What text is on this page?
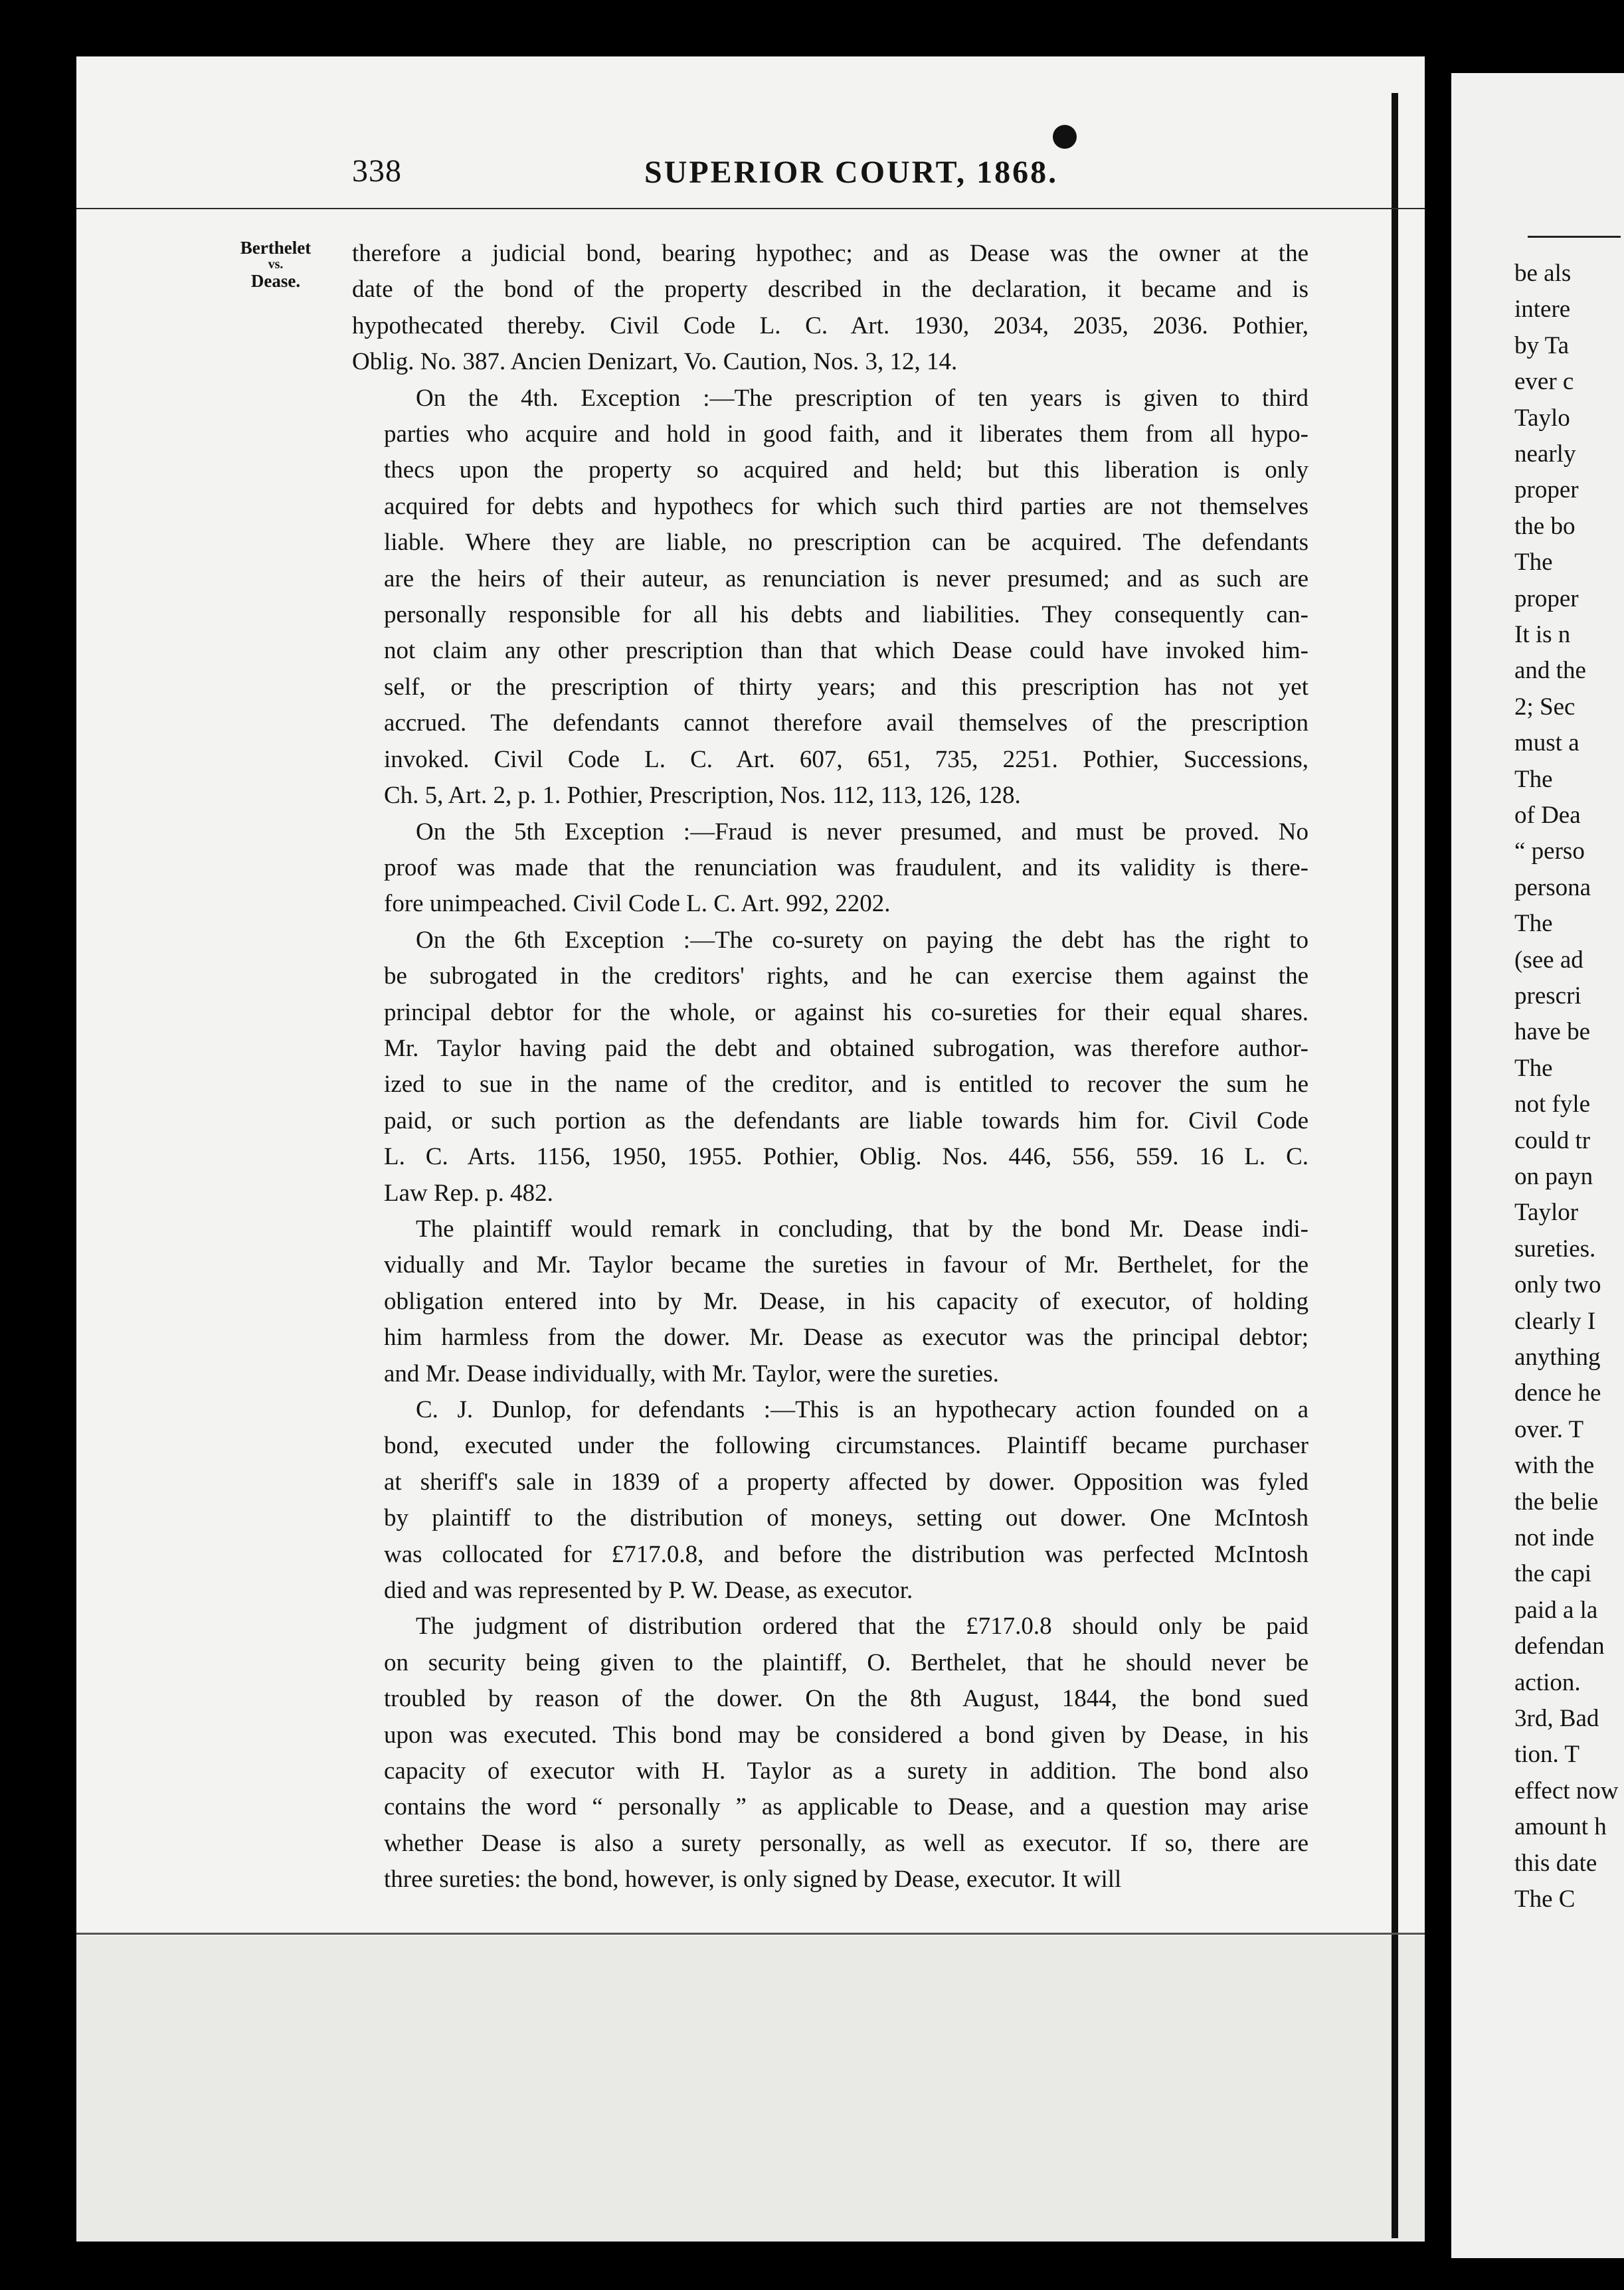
338	SUPERIOR COURT, 1868.
Berthelet
vs.
Dease.

therefore a judicial bond, bearing hypothec; and as Dease was the owner at the
date of the bond of the property described in the declaration, it became and is
hypothecated thereby. Civil Code L. C. Art. 1930, 2034, 2035, 2036. Pothier,
Oblig. No. 387. Ancien Denizart, Vo. Caution, Nos. 3, 12, 14.

On the 4th. Exception :—The prescription of ten years is given to third
parties who acquire and hold in good faith, and it liberates them from all hypo-
thecs upon the property so acquired and held; but this liberation is only
acquired for debts and hypothecs for which such third parties are not themselves
liable. Where they are liable, no prescription can be acquired. The defendants
are the heirs of their auteur, as renunciation is never presumed; and as such are
personally responsible for all his debts and liabilities. They consequently can-
not claim any other prescription than that which Dease could have invoked him-
self, or the prescription of thirty years; and this prescription has not yet
accrued. The defendants cannot therefore avail themselves of the prescription
invoked. Civil Code L. C. Art. 607, 651, 735, 2251. Pothier, Successions,
Ch. 5, Art. 2, p. 1. Pothier, Prescription, Nos. 112, 113, 126, 128.

On the 5th Exception :—Fraud is never presumed, and must be proved. No
proof was made that the renunciation was fraudulent, and its validity is there-
fore unimpeached. Civil Code L. C. Art. 992, 2202.

On the 6th Exception :—The co-surety on paying the debt has the right to
be subrogated in the creditors' rights, and he can exercise them against the
principal debtor for the whole, or against his co-sureties for their equal shares.
Mr. Taylor having paid the debt and obtained subrogation, was therefore author-
ized to sue in the name of the creditor, and is entitled to recover the sum he
paid, or such portion as the defendants are liable towards him for. Civil Code
L. C. Arts. 1156, 1950, 1955. Pothier, Oblig. Nos. 446, 556, 559. 16 L. C.
Law Rep. p. 482.

The plaintiff would remark in concluding, that by the bond Mr. Dease indi-
vidually and Mr. Taylor became the sureties in favour of Mr. Berthelet, for the
obligation entered into by Mr. Dease, in his capacity of executor, of holding
him harmless from the dower. Mr. Dease as executor was the principal debtor;
and Mr. Dease individually, with Mr. Taylor, were the sureties.

C. J. Dunlop, for defendants :—This is an hypothecary action founded on a
bond, executed under the following circumstances. Plaintiff became purchaser
at sheriff's sale in 1839 of a property affected by dower. Opposition was fyled
by plaintiff to the distribution of moneys, setting out dower. One McIntosh
was collocated for £717.0.8, and before the distribution was perfected McIntosh
died and was represented by P. W. Dease, as executor.

The judgment of distribution ordered that the £717.0.8 should only be paid
on security being given to the plaintiff, O. Berthelet, that he should never be
troubled by reason of the dower. On the 8th August, 1844, the bond sued
upon was executed. This bond may be considered a bond given by Dease, in his
capacity of executor with H. Taylor as a surety in addition. The bond also
contains the word “ personally ” as applicable to Dease, and a question may arise
whether Dease is also a surety personally, as well as executor. If so, there are
three sureties: the bond, however, is only signed by Dease, executor. It will

be als
intere
by Ta
ever c
Taylo
nearly
proper
the bo
The
proper
It is n
and the
2; Sec
must a
The
of Dea
“ perso
persona
The
(see ad
prescri
have be
The
not fyle
could tr
on payn
Taylor
sureties.
only two
clearly I
anything
dence he
over. T
with the
the belie
not inde
the capi
paid a la
defendan
action.
3rd, Bad
tion. T
effect now
amount h
this date
The C
